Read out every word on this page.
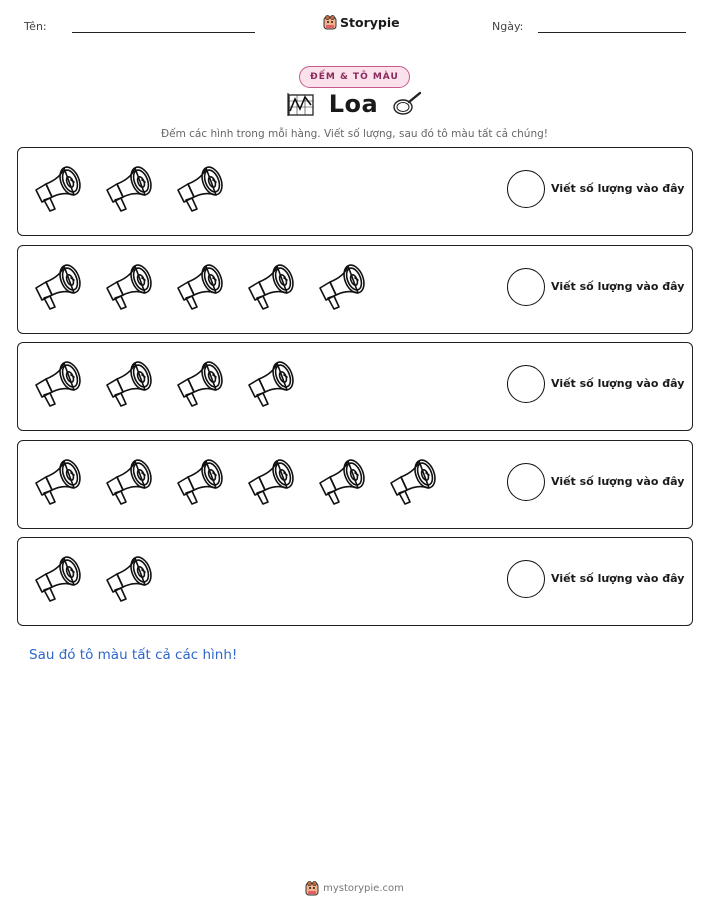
Tên:	Storypie	Ngày:
ĐẾM & TÔ MÀU
Loa
Đếm các hình trong mỗi hàng. Viết số lượng, sau đó tô màu tất cả chúng!
Viết số lượng vào đây
Viết số lượng vào đây
Viết số lượng vào đây
Viết số lượng vào đây
Viết số lượng vào đây
Sau đó tô màu tất cả các hình!
mystorypie.com
